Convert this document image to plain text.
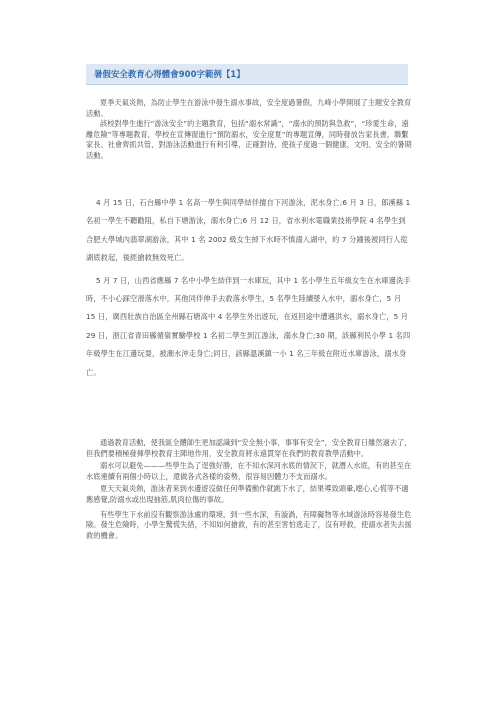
暑假安全教育心得體會900字範例【1】

夏季天氣炎熱，為防止學生在游泳中發生溺水事故，安全度過暑假，九峰小學開展了主題安全教育活動。

該校對學生進行“游泳安全”的主題教育，包括“溺水常識”，“溺水的預防與急救”，“珍愛生命，遠離危險”等專題教育，學校在宣傳窗進行“預防溺水，安全度夏”的專題宣傳，同時發放告家長書，聯繫家長、社會齊抓共管，對游泳活動進行有利引導，正確對待，使孩子度過一個健康、文明、安全的暑期活動。

4 月 15 日，石台縣中學 1 名高一學生與同學結伴擅自下河游泳，泥水身亡;6 月 3 日，郎溪縣 1 名初一學生不聽勸阻，私自下塘游泳，溺水身亡;6 月 12 日，省水利水電職業技術學院 4 名學生到合肥大學城內翡翠湖游泳，其中 1 名 2002 級女生掉下水時不慎溺入湖中，約 7 分鐘後被同行人從湖底救起，後經搶救無效死亡。

5 月 7 日，山西省應縣 7 名中小學生結伴到一水庫玩，其中 1 名小學生五年級女生在水庫邊洗手時，不小心踩空滑落水中，其他同伴伸手去救落水學生，5 名學生陸續墜入水中，溺水身亡，5 月 15 日，廣西壯族自治區全州縣石塘高中 4 名學生外出遊玩，在返回途中遭遇洪水，溺水身亡，5 月 29 日，浙江省青田縣循嶺實驗學校 1 名初二學生到江游泳，溺水身亡;30 期，該縣利民小學 1 名四年級學生在江邊玩耍，被潮水沖走身亡;同日，該縣溫溪鎮一小 1 名三年級在附近水庫游泳，溺水身亡。

通過教育活動，使我區全體師生更加認識到“安全無小事，事事有安全”，安全教育日雖然過去了，但我們要積極發揮學校教育主陣地作用，安全教育將永遠貫穿在我們的教育教學活動中。

溺水可以避免———些學生為了逞強好勝，在不知水深河水底的情況下，就潛入水底，有的甚至在水底連續有兩個小時以上，還做各式各樣的姿勢，很容易因體力不支而溺水。

夏天天氣炎熱，游泳者來到水邊遊沒做任何準備動作就跳下水了，結果導致頭暈,噁心,心慌等不適應感覺,防溺水或出現抽筋,肌肉拉傷的事故。

有些學生下水前沒有觀察游泳處的環境，到一些水深，有漩渦，有障礙物等水域游泳時容易發生危險。發生危險時，小學生驚慌失措，不知如何搶救，有的甚至害怕逃走了，沒有呼救，使溺水者失去援救的機會。
